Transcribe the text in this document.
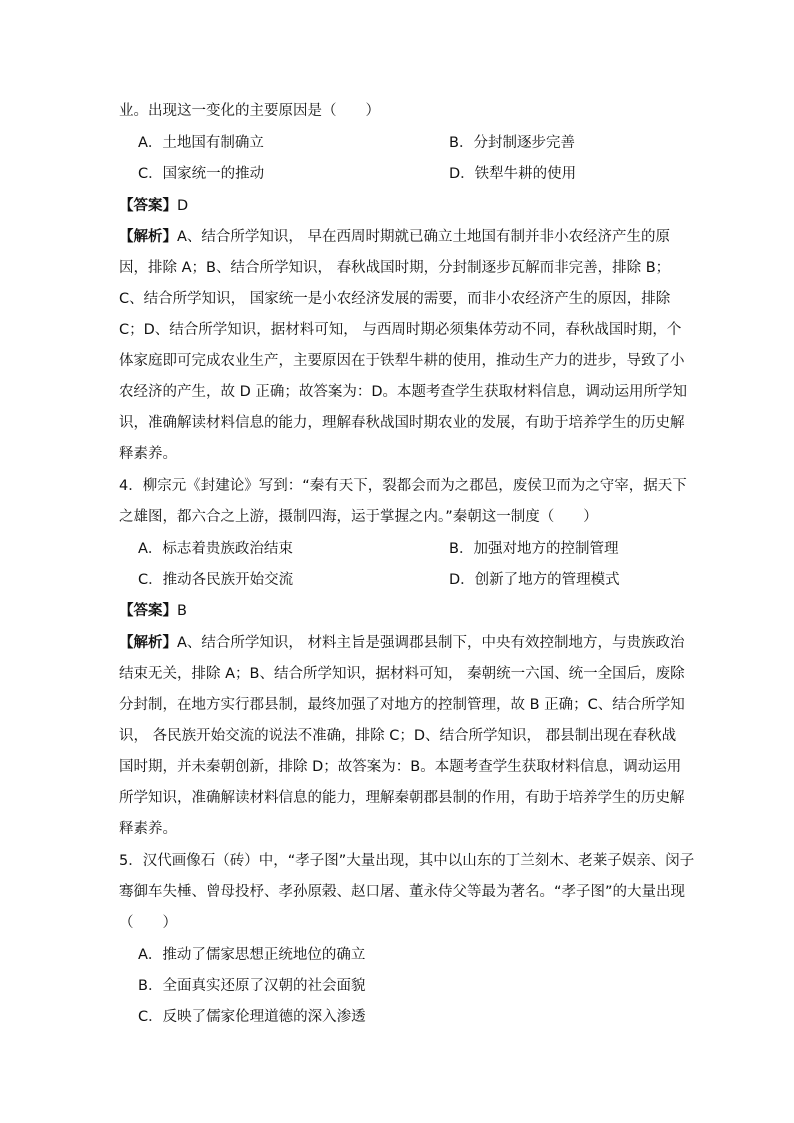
业。出现这一变化的主要原因是（　　）
A．土地国有制确立	B．分封制逐步完善
C．国家统一的推动	D．铁犁牛耕的使用
【答案】D
【解析】A、结合所学知识， 早在西周时期就已确立土地国有制并非小农经济产生的原
因，排除 A；B、结合所学知识， 春秋战国时期，分封制逐步瓦解而非完善，排除 B；
C、结合所学知识， 国家统一是小农经济发展的需要，而非小农经济产生的原因，排除
C；D、结合所学知识，据材料可知， 与西周时期必须集体劳动不同，春秋战国时期，个
体家庭即可完成农业生产，主要原因在于铁犁牛耕的使用，推动生产力的进步，导致了小
农经济的产生，故 D 正确；故答案为：D。本题考查学生获取材料信息，调动运用所学知
识，准确解读材料信息的能力，理解春秋战国时期农业的发展，有助于培养学生的历史解
释素养。
4．柳宗元《封建论》写到：“秦有天下，裂都会而为之郡邑，废侯卫而为之守宰，据天下
之雄图，都六合之上游，摄制四海，运于掌握之内。”秦朝这一制度（　　）
A．标志着贵族政治结束	B．加强对地方的控制管理
C．推动各民族开始交流	D．创新了地方的管理模式
【答案】B
【解析】A、结合所学知识， 材料主旨是强调郡县制下，中央有效控制地方，与贵族政治
结束无关，排除 A；B、结合所学知识，据材料可知， 秦朝统一六国、统一全国后，废除
分封制，在地方实行郡县制，最终加强了对地方的控制管理，故 B 正确；C、结合所学知
识， 各民族开始交流的说法不准确，排除 C；D、结合所学知识， 郡县制出现在春秋战
国时期，并未秦朝创新，排除 D；故答案为：B。本题考查学生获取材料信息，调动运用
所学知识，准确解读材料信息的能力，理解秦朝郡县制的作用，有助于培养学生的历史解
释素养。
5．汉代画像石（砖）中，“孝子图”大量出现，其中以山东的丁兰刻木、老莱子娱亲、闵子
骞御车失棰、曾母投杼、孝孙原榖、赵口屠、董永侍父等最为著名。“孝子图”的大量出现
（　　）
A．推动了儒家思想正统地位的确立
B．全面真实还原了汉朝的社会面貌
C．反映了儒家伦理道德的深入渗透
